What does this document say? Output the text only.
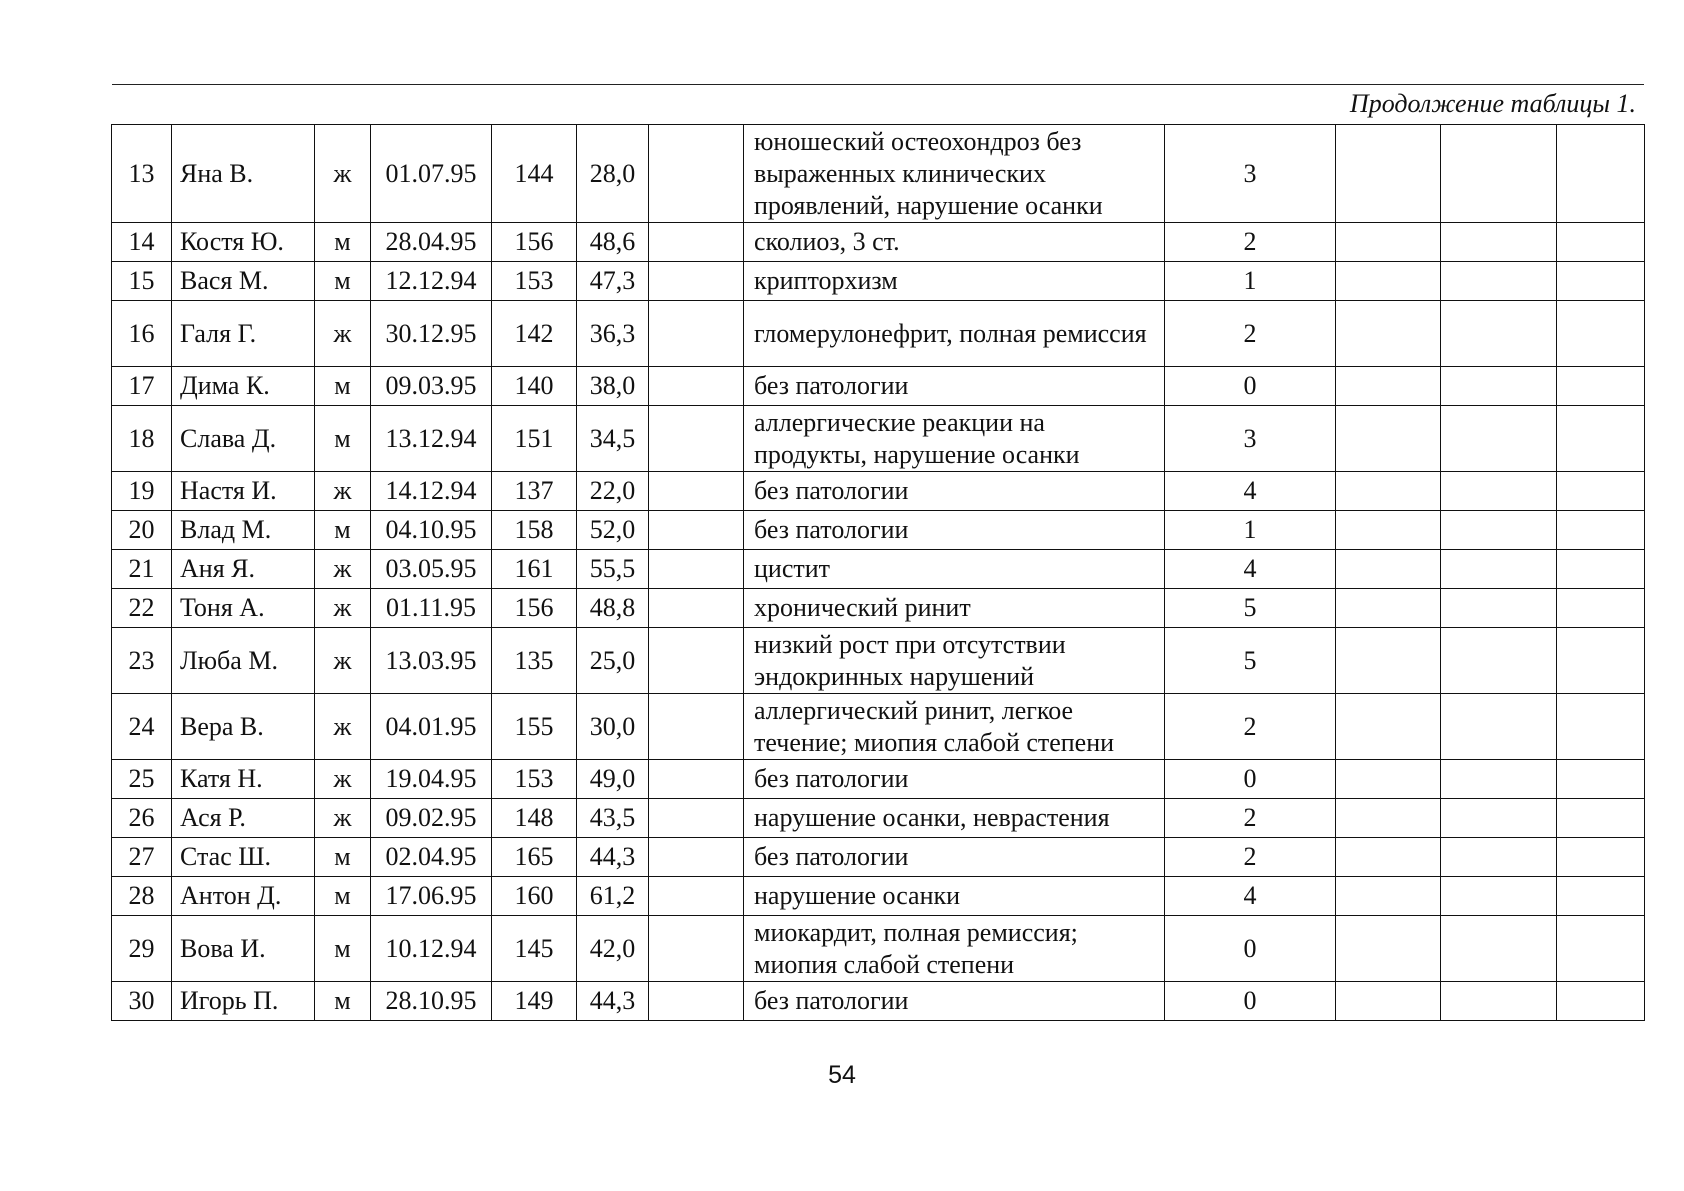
Продолжение таблицы 1.
13	Яна В.	ж	01.07.95	144	28,0		юношеский остеохондроз без выраженных клинических проявлений, нарушение осанки	3			
14	Костя Ю.	м	28.04.95	156	48,6		сколиоз, 3 ст.	2			
15	Вася М.	м	12.12.94	153	47,3		крипторхизм	1			
16	Галя Г.	ж	30.12.95	142	36,3		гломерулонефрит, полная ремиссия	2			
17	Дима К.	м	09.03.95	140	38,0		без патологии	0			
18	Слава Д.	м	13.12.94	151	34,5		аллергические реакции на продукты, нарушение осанки	3			
19	Настя И.	ж	14.12.94	137	22,0		без патологии	4			
20	Влад М.	м	04.10.95	158	52,0		без патологии	1			
21	Аня Я.	ж	03.05.95	161	55,5		цистит	4			
22	Тоня А.	ж	01.11.95	156	48,8		хронический ринит	5			
23	Люба М.	ж	13.03.95	135	25,0		низкий рост при отсутствии эндокринных нарушений	5			
24	Вера В.	ж	04.01.95	155	30,0		аллергический ринит, легкое течение; миопия слабой степени	2			
25	Катя Н.	ж	19.04.95	153	49,0		без патологии	0			
26	Ася Р.	ж	09.02.95	148	43,5		нарушение осанки, неврастения	2			
27	Стас Ш.	м	02.04.95	165	44,3		без патологии	2			
28	Антон Д.	м	17.06.95	160	61,2		нарушение осанки	4			
29	Вова И.	м	10.12.94	145	42,0		миокардит, полная ремиссия; миопия слабой степени	0			
30	Игорь П.	м	28.10.95	149	44,3		без патологии	0			
54
